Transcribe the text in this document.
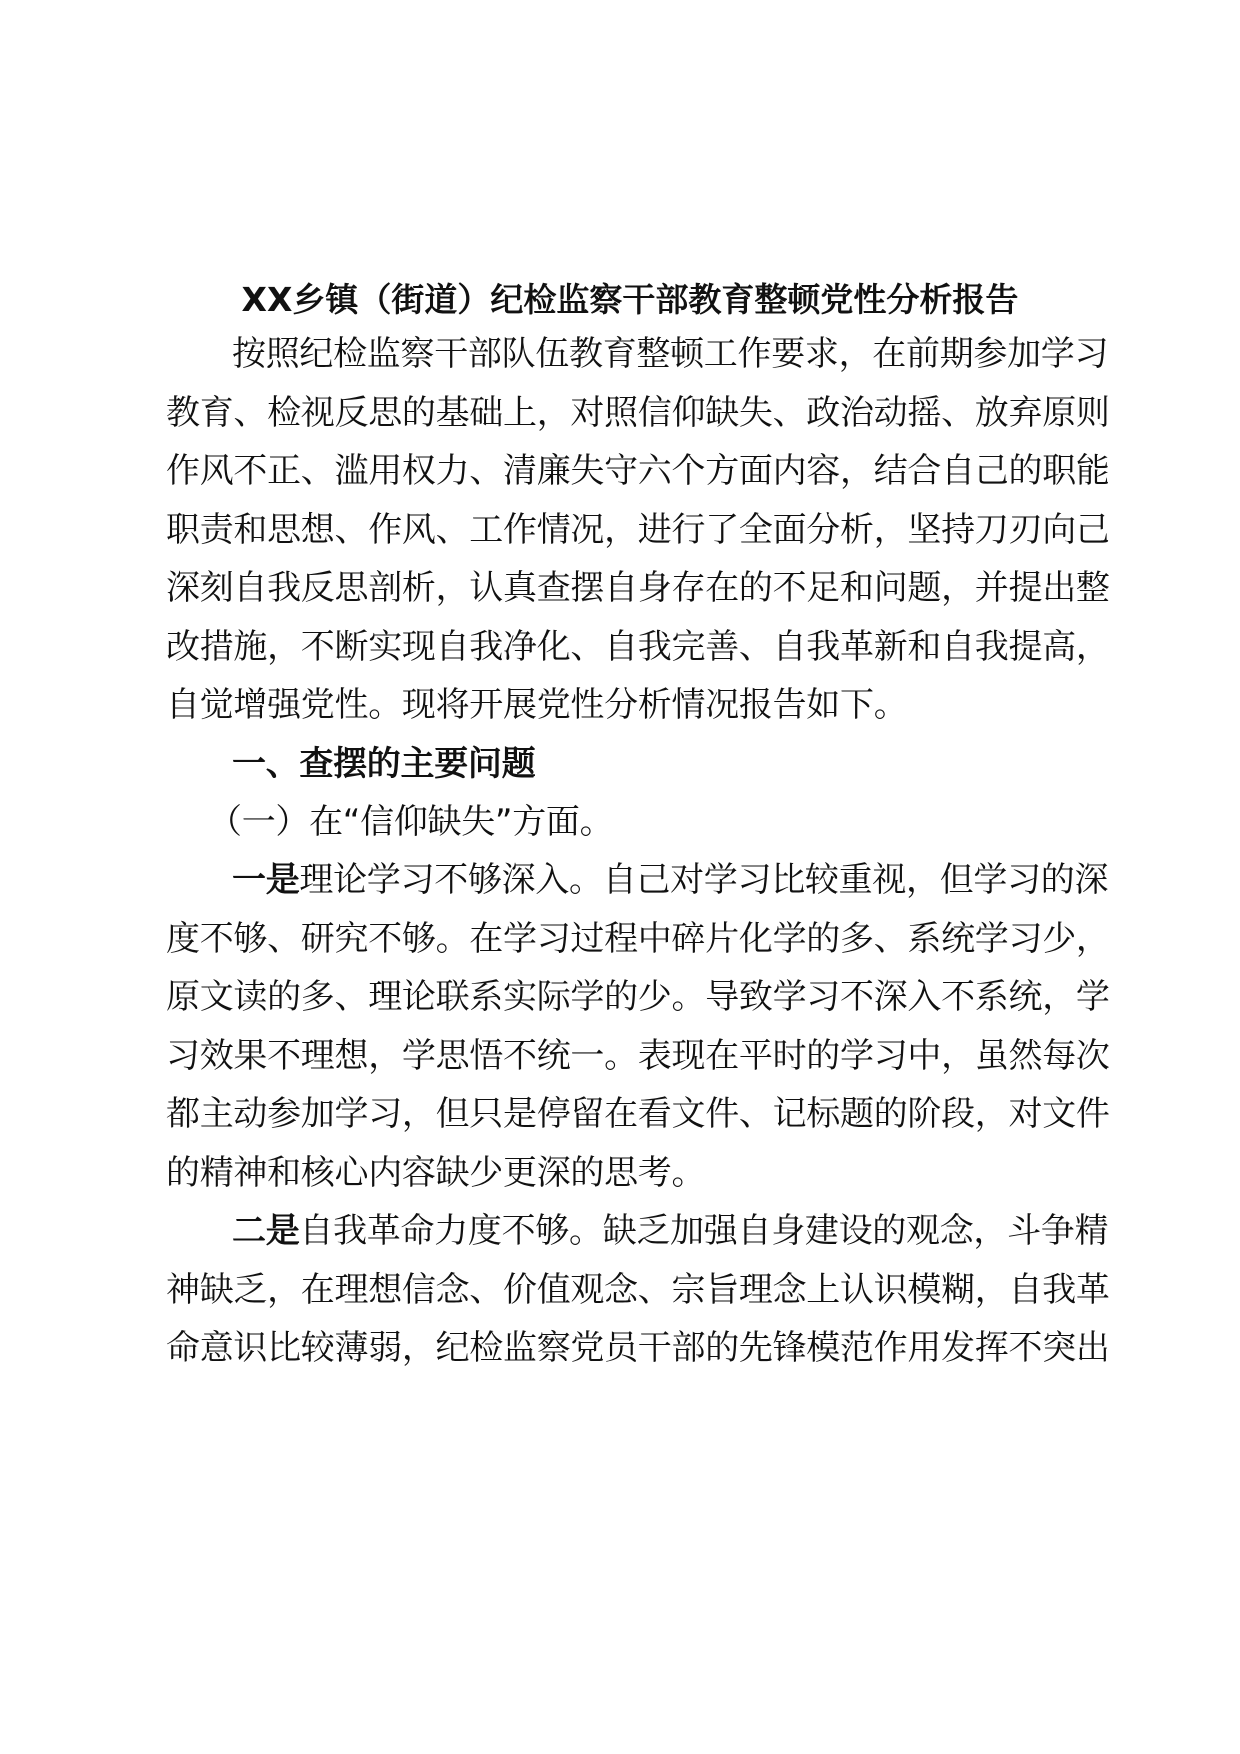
XX乡镇（街道）纪检监察干部教育整顿党性分析报告
按照纪检监察干部队伍教育整顿工作要求，在前期参加学习
教育、检视反思的基础上，对照信仰缺失、政治动摇、放弃原则
作风不正、滥用权力、清廉失守六个方面内容，结合自己的职能
职责和思想、作风、工作情况，进行了全面分析，坚持刀刃向己
深刻自我反思剖析，认真查摆自身存在的不足和问题，并提出整
改措施，不断实现自我净化、自我完善、自我革新和自我提高，
自觉增强党性。现将开展党性分析情况报告如下。
一、查摆的主要问题
（一）在“信仰缺失”方面。
一是理论学习不够深入。自己对学习比较重视，但学习的深
度不够、研究不够。在学习过程中碎片化学的多、系统学习少，
原文读的多、理论联系实际学的少。导致学习不深入不系统，学
习效果不理想，学思悟不统一。表现在平时的学习中，虽然每次
都主动参加学习，但只是停留在看文件、记标题的阶段，对文件
的精神和核心内容缺少更深的思考。
二是自我革命力度不够。缺乏加强自身建设的观念，斗争精
神缺乏，在理想信念、价值观念、宗旨理念上认识模糊，自我革
命意识比较薄弱，纪检监察党员干部的先锋模范作用发挥不突出
